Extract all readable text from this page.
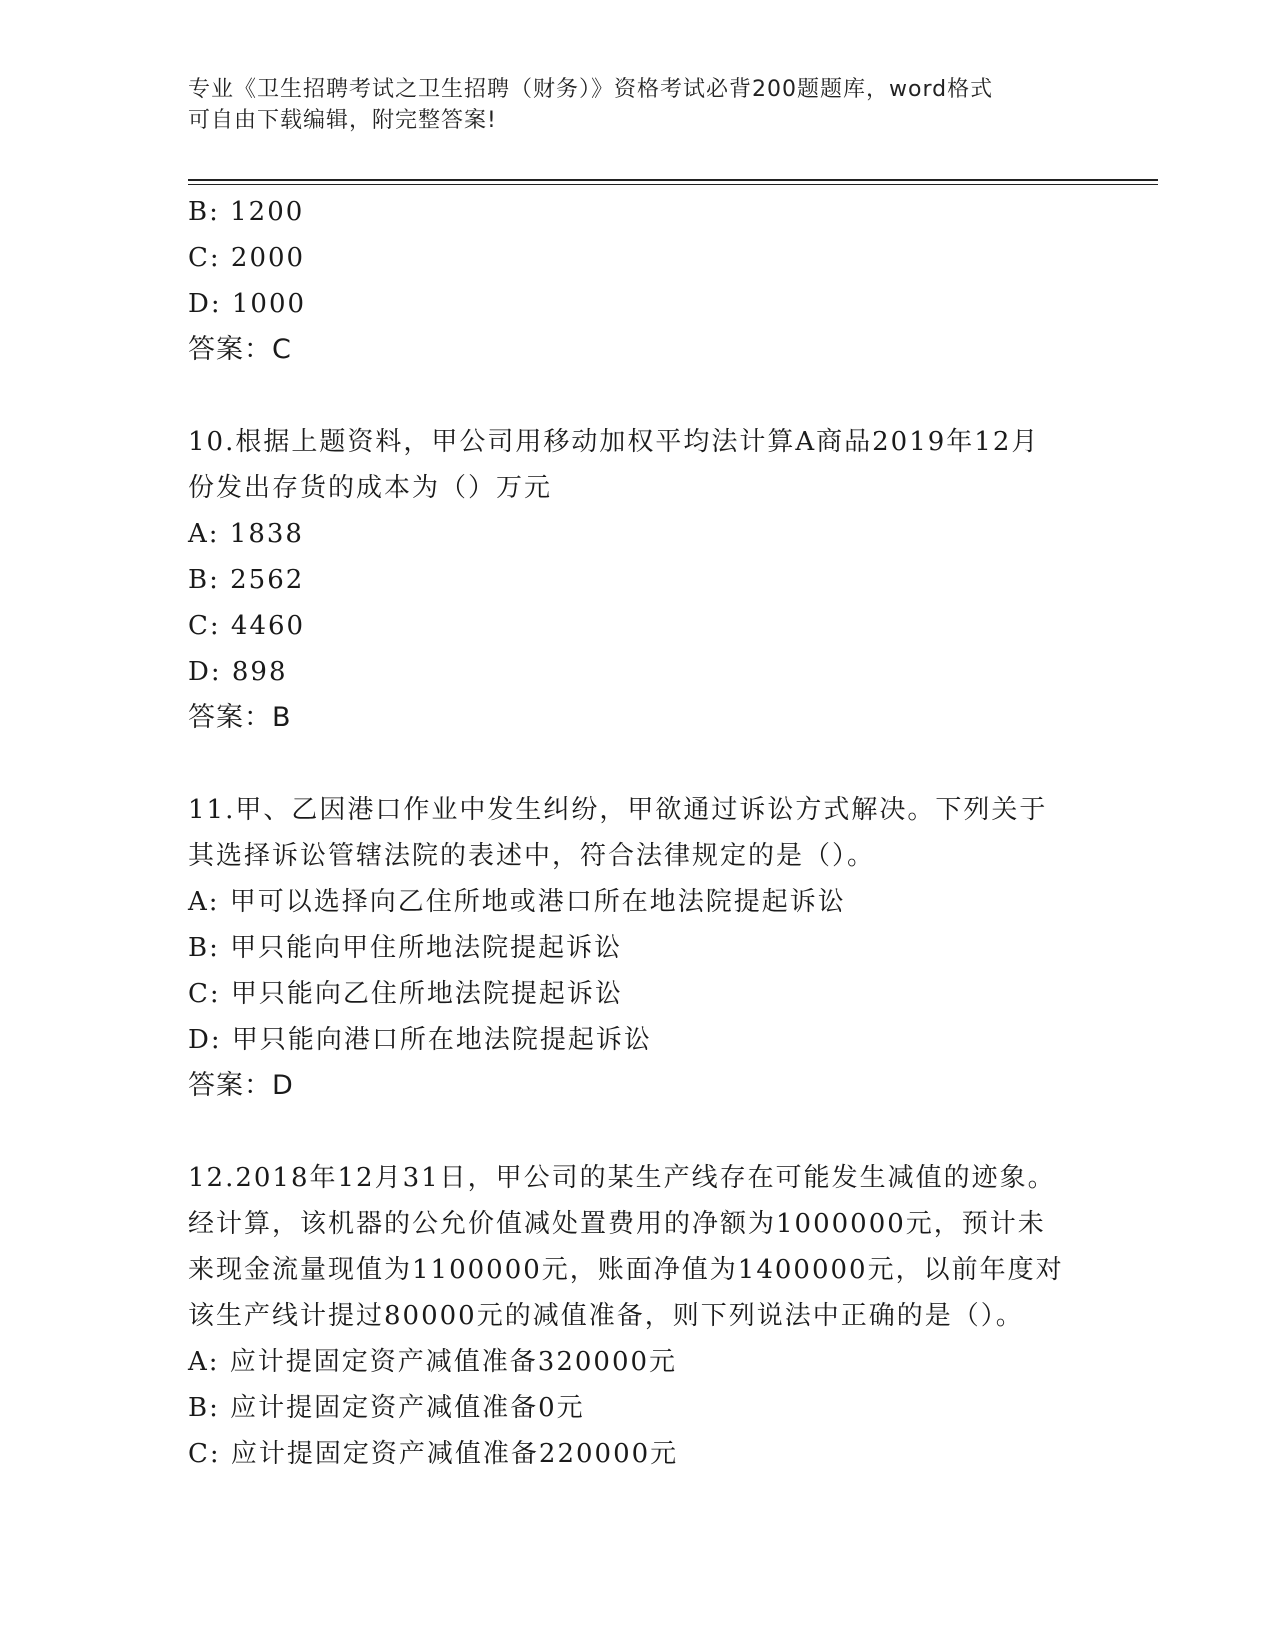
专业《卫生招聘考试之卫生招聘（财务）》资格考试必背200题题库，word格式
可自由下载编辑，附完整答案!
B: 1200
C: 2000
D: 1000
答案：C
10.根据上题资料，甲公司用移动加权平均法计算A商品2019年12月
份发出存货的成本为（）万元
A: 1838
B: 2562
C: 4460
D: 898
答案：B
11.甲、乙因港口作业中发生纠纷，甲欲通过诉讼方式解决。下列关于
其选择诉讼管辖法院的表述中，符合法律规定的是（）。
A: 甲可以选择向乙住所地或港口所在地法院提起诉讼
B: 甲只能向甲住所地法院提起诉讼
C: 甲只能向乙住所地法院提起诉讼
D: 甲只能向港口所在地法院提起诉讼
答案：D
12.2018年12月31日，甲公司的某生产线存在可能发生减值的迹象。
经计算，该机器的公允价值减处置费用的净额为1000000元，预计未
来现金流量现值为1100000元，账面净值为1400000元，以前年度对
该生产线计提过80000元的减值准备，则下列说法中正确的是（）。
A: 应计提固定资产减值准备320000元
B: 应计提固定资产减值准备0元
C: 应计提固定资产减值准备220000元
